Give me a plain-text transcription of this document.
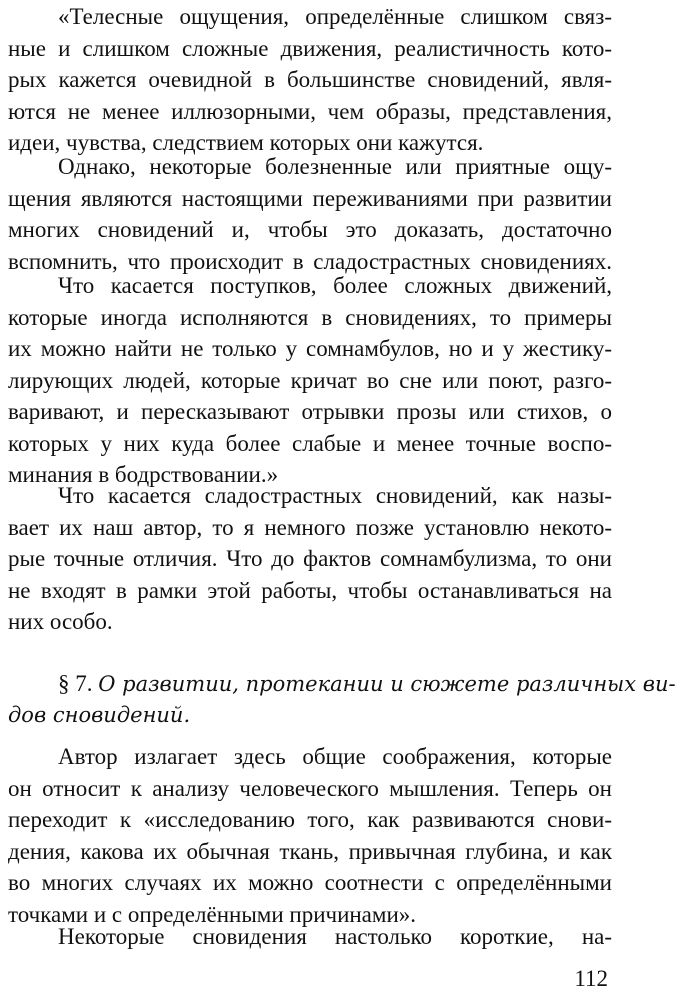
«Телесные ощущения, определённые слишком связ-
ные и слишком сложные движения, реалистичность кото-
рых кажется очевидной в большинстве сновидений, явля-
ются не менее иллюзорными, чем образы, представления,
идеи, чувства, следствием которых они кажутся.
Однако, некоторые болезненные или приятные ощу-
щения являются настоящими переживаниями при развитии
многих сновидений и, чтобы это доказать, достаточно
вспомнить, что происходит в сладострастных сновидениях.
Что касается поступков, более сложных движений,
которые иногда исполняются в сновидениях, то примеры
их можно найти не только у сомнамбулов, но и у жестику-
лирующих людей, которые кричат во сне или поют, разго-
варивают, и пересказывают отрывки прозы или стихов, о
которых у них куда более слабые и менее точные воспо-
минания в бодрствовании.»
Что касается сладострастных сновидений, как назы-
вает их наш автор, то я немного позже установлю некото-
рые точные отличия. Что до фактов сомнамбулизма, то они
не входят в рамки этой работы, чтобы останавливаться на
них особо.
§ 7. О развитии, протекании и сюжете различных ви-
дов сновидений.
Автор излагает здесь общие соображения, которые
он относит к анализу человеческого мышления. Теперь он
переходит к «исследованию того, как развиваются снови-
дения, какова их обычная ткань, привычная глубина, и как
во многих случаях их можно соотнести с определёнными
точками и с определёнными причинами».
Некоторые сновидения настолько короткие, на-
112
